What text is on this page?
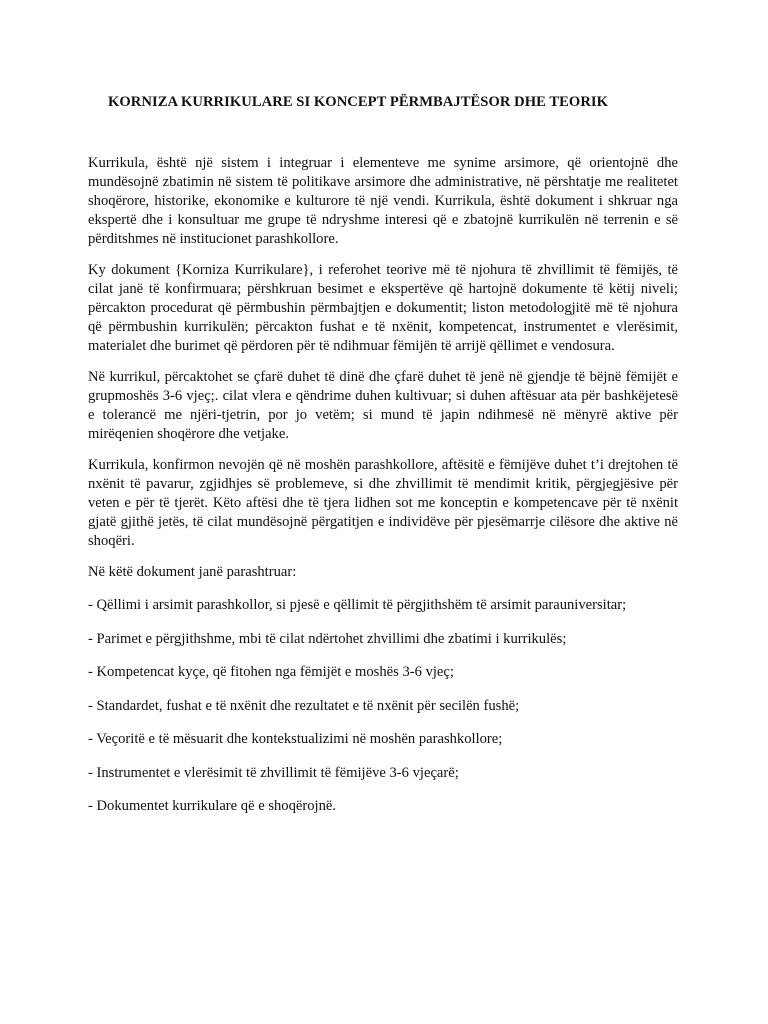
KORNIZA KURRIKULARE SI KONCEPT PËRMBAJTËSOR DHE TEORIK

Kurrikula, është një sistem i integruar i elementeve me synime arsimore, që orientojnë dhe mundësojnë zbatimin në sistem të politikave arsimore dhe administrative, në përshtatje me realitetet shoqërore, historike, ekonomike e kulturore të një vendi. Kurrikula, është dokument i shkruar nga ekspertë dhe i konsultuar me grupe të ndryshme interesi që e zbatojnë kurrikulën në terrenin e së përditshmes në institucionet parashkollore.

Ky dokument {Korniza Kurrikulare}, i referohet teorive më të njohura të zhvillimit të fëmijës, të cilat janë të konfirmuara; përshkruan besimet e ekspertëve që hartojnë dokumente të këtij niveli; përcakton procedurat që përmbushin përmbajtjen e dokumentit; liston metodologjitë më të njohura që përmbushin kurrikulën; përcakton fushat e të nxënit, kompetencat, instrumentet e vlerësimit, materialet dhe burimet që përdoren për të ndihmuar fëmijën të arrijë qëllimet e vendosura.

Në kurrikul, përcaktohet se çfarë duhet të dinë dhe çfarë duhet të jenë në gjendje të bëjnë fëmijët e grupmoshës 3-6 vjeç;. cilat vlera e qëndrime duhen kultivuar; si duhen aftësuar ata për bashkëjetesë e tolerancë me njëri-tjetrin, por jo vetëm; si mund të japin ndihmesë në mënyrë aktive për mirëqenien shoqërore dhe vetjake.

Kurrikula, konfirmon nevojën që në moshën parashkollore, aftësitë e fëmijëve duhet t’i drejtohen të nxënit të pavarur, zgjidhjes së problemeve, si dhe zhvillimit të mendimit kritik, përgjegjësive për veten e për të tjerët. Këto aftësi dhe të tjera lidhen sot me konceptin e kompetencave për të nxënit gjatë gjithë jetës, të cilat mundësojnë përgatitjen e individëve për pjesëmarrje cilësore dhe aktive në shoqëri.

Në këtë dokument janë parashtruar:

- Qëllimi i arsimit parashkollor, si pjesë e qëllimit të përgjithshëm të arsimit parauniversitar;
- Parimet e përgjithshme, mbi të cilat ndërtohet zhvillimi dhe zbatimi i kurrikulës;
- Kompetencat kyçe, që fitohen nga fëmijët e moshës 3-6 vjeç;
- Standardet, fushat e të nxënit dhe rezultatet e të nxënit për secilën fushë;
- Veçoritë e të mësuarit dhe kontekstualizimi në moshën parashkollore;
- Instrumentet e vlerësimit të zhvillimit të fëmijëve 3-6 vjeçarë;
- Dokumentet kurrikulare që e shoqërojnë.
